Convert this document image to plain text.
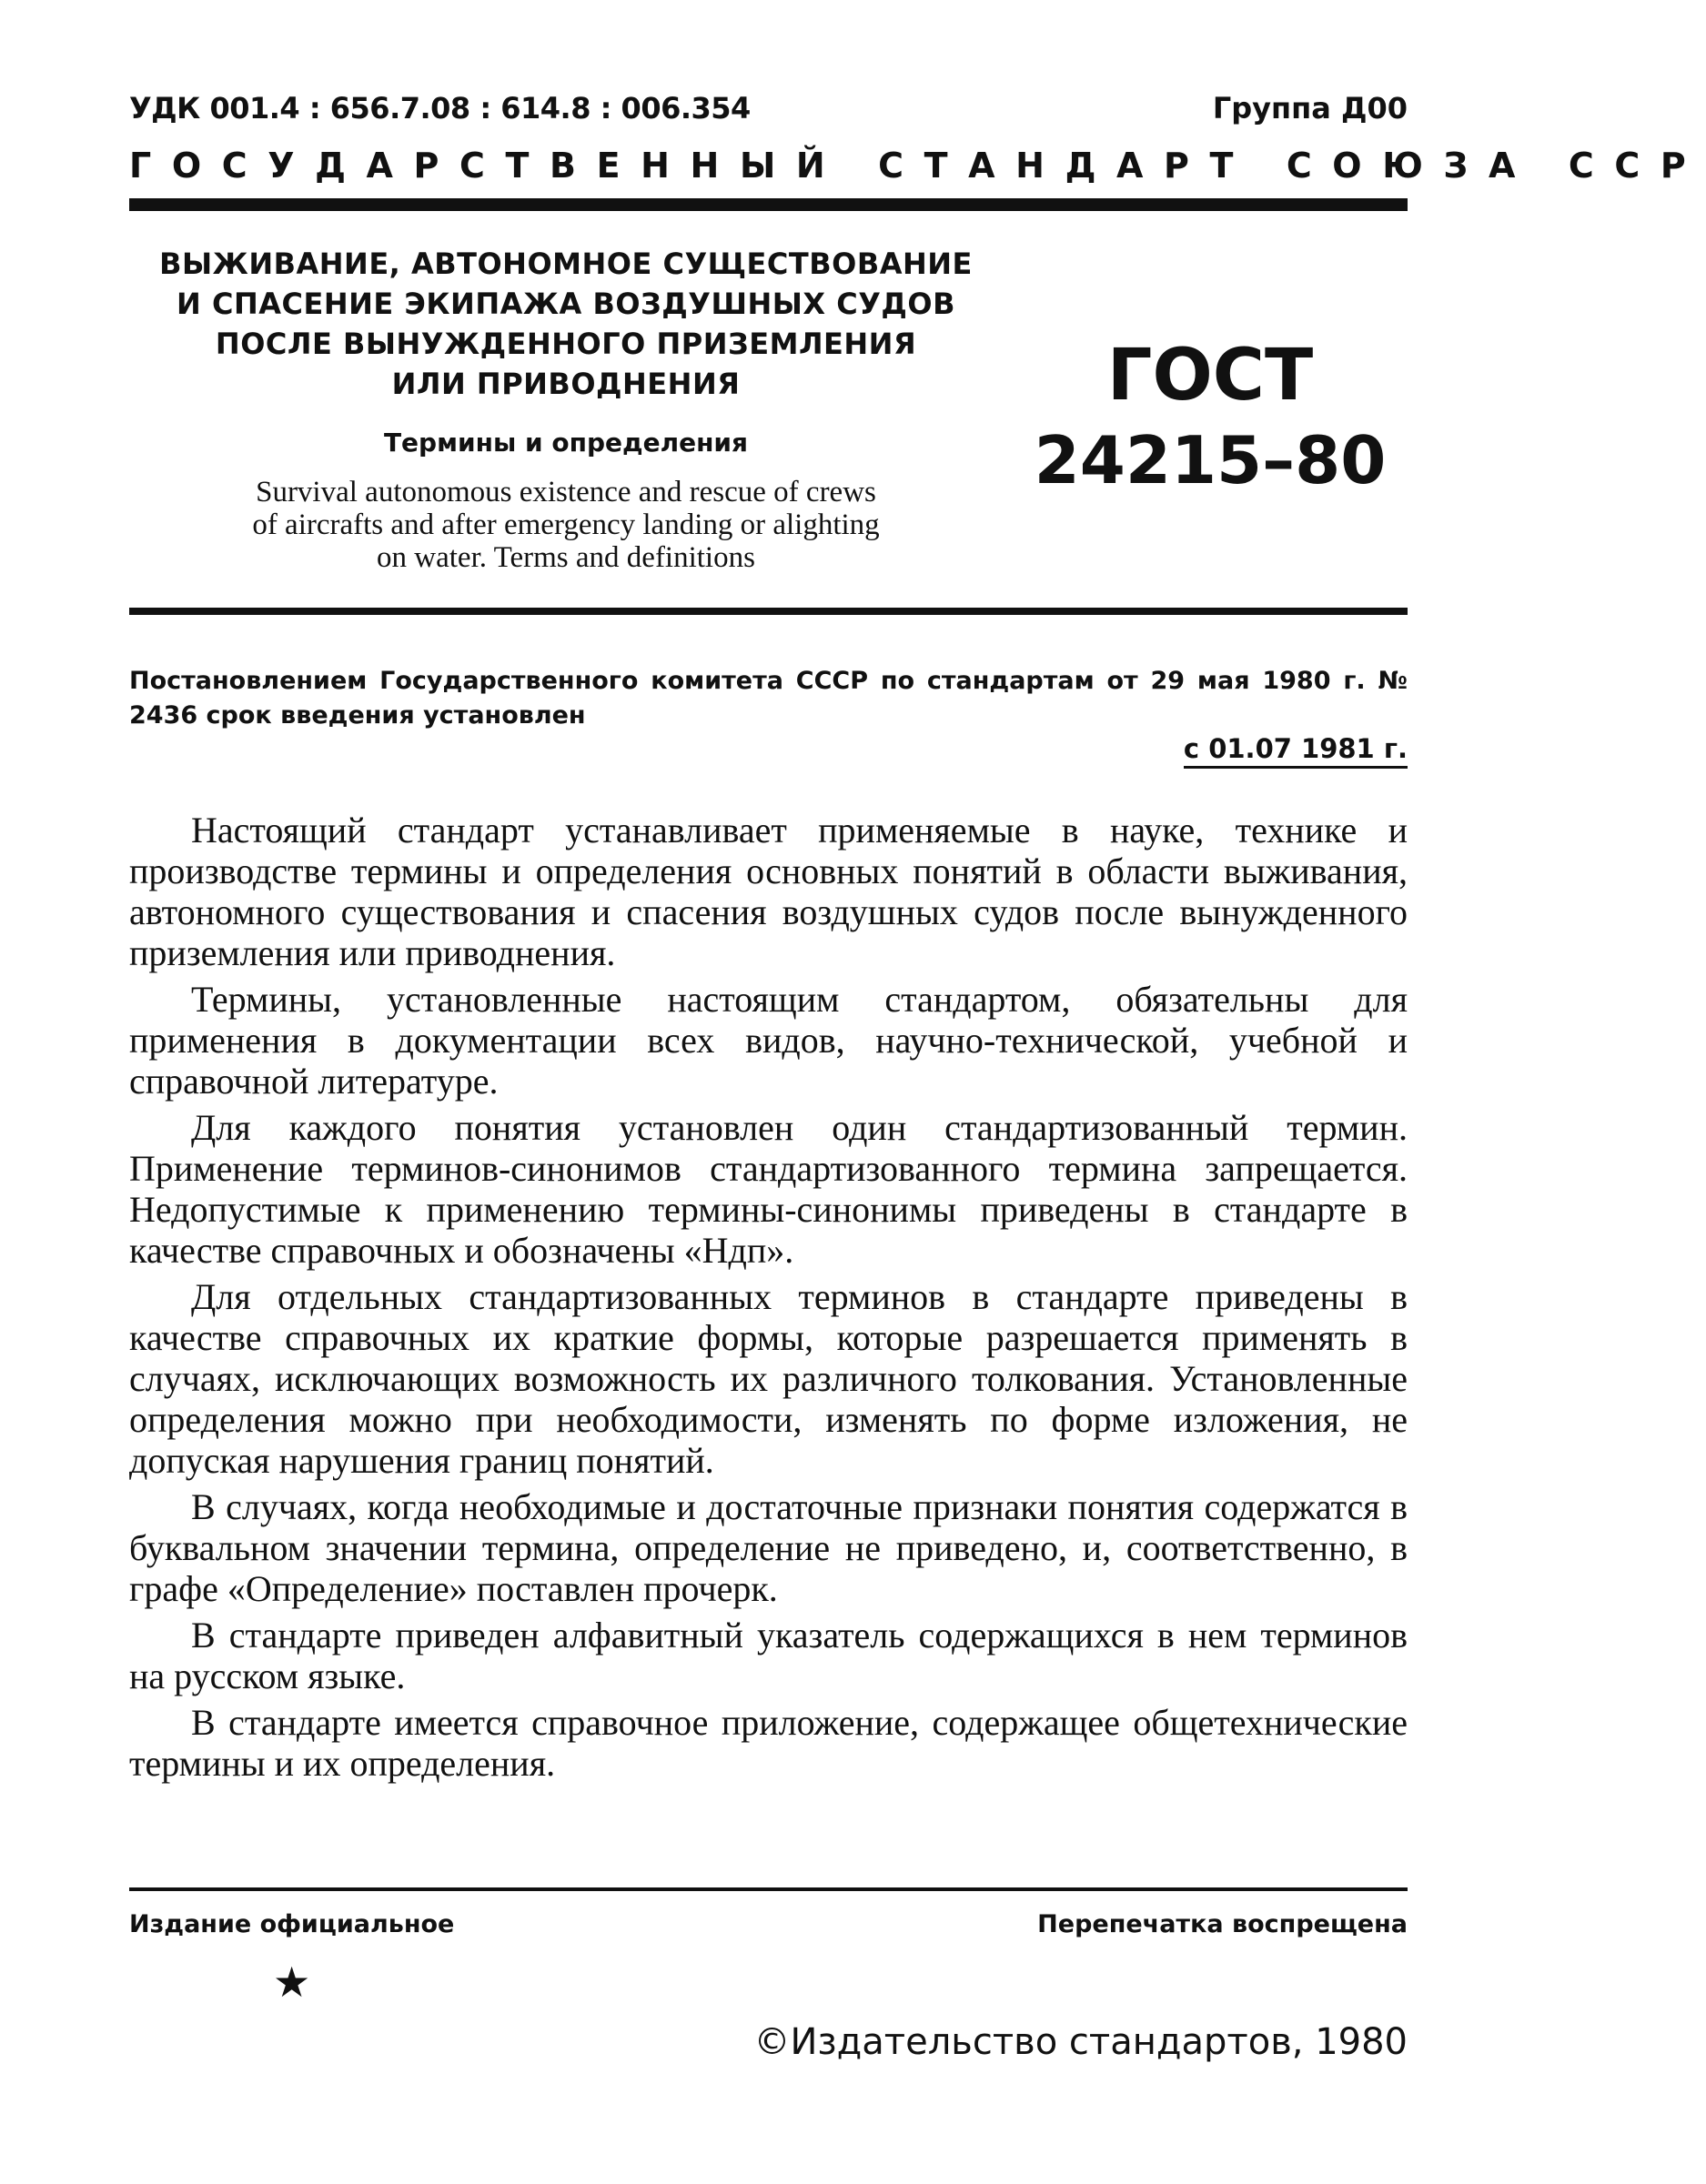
УДК 001.4 : 656.7.08 : 614.8 : 006.354	Группа Д00
ГОСУДАРСТВЕННЫЙ СТАНДАРТ СОЮЗА ССР
ВЫЖИВАНИЕ, АВТОНОМНОЕ СУЩЕСТВОВАНИЕ
И СПАСЕНИЕ ЭКИПАЖА ВОЗДУШНЫХ СУДОВ
ПОСЛЕ ВЫНУЖДЕННОГО ПРИЗЕМЛЕНИЯ
ИЛИ ПРИВОДНЕНИЯ
Термины и определения
Survival autonomous existence and rescue of crews
of aircrafts and after emergency landing or alighting
on water. Terms and definitions
ГОСТ
24215–80
Постановлением Государственного комитета СССР по стандартам от 29 мая 1980 г. № 2436 срок введения установлен
с 01.07 1981 г.

Настоящий стандарт устанавливает применяемые в науке, технике и производстве термины и определения основных понятий в области выживания, автономного существования и спасения воздушных судов после вынужденного приземления или приводнения.

Термины, установленные настоящим стандартом, обязательны для применения в документации всех видов, научно-технической, учебной и справочной литературе.

Для каждого понятия установлен один стандартизованный термин. Применение терминов-синонимов стандартизованного термина запрещается. Недопустимые к применению термины-синонимы приведены в стандарте в качестве справочных и обозначены «Ндп».

Для отдельных стандартизованных терминов в стандарте приведены в качестве справочных их краткие формы, которые разрешается применять в случаях, исключающих возможность их различного толкования. Установленные определения можно при необходимости, изменять по форме изложения, не допуская нарушения границ понятий.

В случаях, когда необходимые и достаточные признаки понятия содержатся в буквальном значении термина, определение не приведено, и, соответственно, в графе «Определение» поставлен прочерк.

В стандарте приведен алфавитный указатель содержащихся в нем терминов на русском языке.

В стандарте имеется справочное приложение, содержащее общетехнические термины и их определения.

Издание официальное	Перепечатка воспрещена
★
©Издательство стандартов, 1980
